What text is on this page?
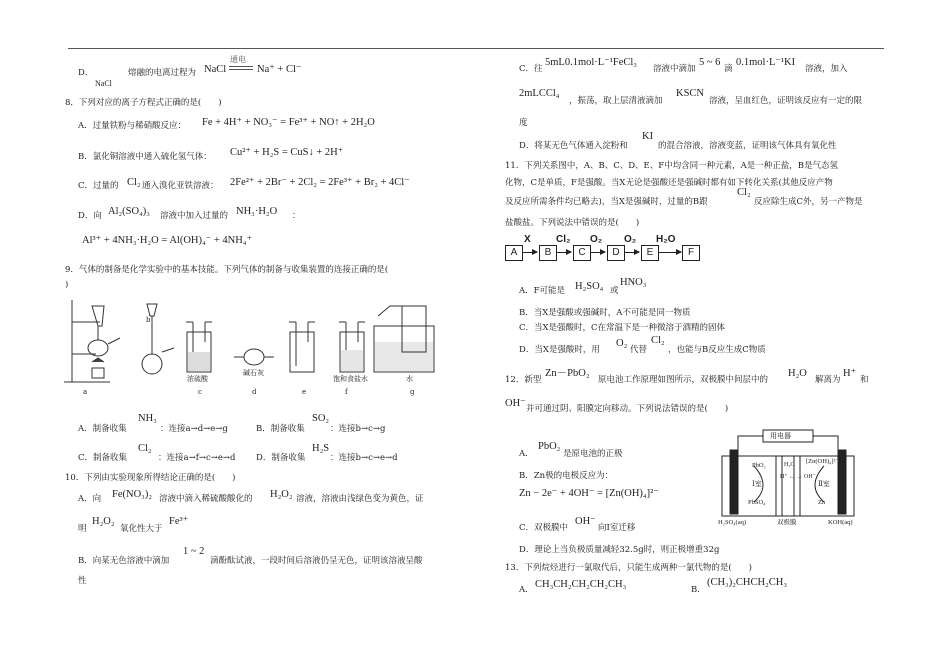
D．
NaCl
熔融的电离过程为 NaCl
通电
Na⁺ + Cl⁻
8．下列对应的离子方程式正确的是(　　)
A．过量铁粉与稀硝酸反应： Fe + 4H⁺ + NO₃⁻ = Fe³⁺ + NO↑ + 2H₂O
B．氯化铜溶液中通入硫化氢气体： Cu²⁺ + H₂S = CuS↓ + 2H⁺
C．过量的 Cl₂ 通入溴化亚铁溶液： 2Fe²⁺ + 2Br⁻ + 2Cl₂ = 2Fe³⁺ + Br₂ + 4Cl⁻
D．向 Al₂(SO₄)₃ 溶液中加入过量的 NH₃·H₂O ：
Al³⁺ + 4NH₃·H₂O = Al(OH)₄⁻ + 4NH₄⁺
9．气体的制备是化学实验中的基本技能。下列气体的制备与收集装置的连接正确的是(
)
a
b
c
浓硫酸
d
碱石灰
e	f
饱和食盐水
g
水
A．制备收集
NH₃
：连接a→d→e→g	B．制备收集
SO₂
：连接b→c→g
C．制备收集
Cl₂
：连接a→f→c→e→d D．制备收集
H₂S
：连接b→c→e→d
10．下列由实验现象所得结论正确的是(　　)
A．向 Fe(NO₃)₂ 溶液中滴入稀硫酸酸化的 H₂O₂ 溶液，溶液由浅绿色变为黄色，证
明
H₂O₂
氧化性大于
Fe³⁺
B．向某无色溶液中滴加
1 ~ 2
滴酚酞试液，一段时间后溶液仍呈无色，证明该溶液呈酸
性
C．往
5mL0.1mol·L⁻¹FeCl₃
溶液中滴加
5 ~ 6
滴
0.1mol·L⁻¹KI
溶液，加入
2mLCCl₄
，振荡，取上层清液滴加
KSCN
溶液，呈血红色，证明该反应有一定的限
度
D．将某无色气体通入淀粉和
KI
的混合溶液，溶液变蓝，证明该气体具有氧化性
11．下列关系图中，A、B、C、D、E、F中均含同一种元素，A是一种正盐，B是气态氢
化物，C是单质，F是强酸。当X无论是强酸还是强碱时都有如下转化关系(其他反应产物
及反应所需条件均已略去)，当X是强碱时，过量的B跟
Cl₂
反应除生成C外，另一产物是
盐酸盐。下列说法中错误的是(　　)
A
X
B
Cl₂
C
O₂
D
O₂
E
H₂O
F
A．F可能是 H₂SO₄ 或
HNO₃
B．当X是强酸或强碱时，A不可能是同一物质
C．当X是强酸时，C在常温下是一种微溶于酒精的固体
D．当X是强酸时，用
O₂
代替
Cl₂
，也能与B反应生成C物质
12．新型
Zn－PbO₂
原电池工作原理如图所示，双极膜中间层中的
H₂O
解离为
H⁺
和
OH⁻ 并可通过阴、阳膜定向移动。下列说法错误的是(　　)
A．
PbO₂
是原电池的正极
B．Zn极的电极反应为：
Zn − 2e⁻ + 4OH⁻ = [Zn(OH)₄]²⁻
C．双极膜中
OH⁻
向Ⅰ室迁移
D．理论上当负极质量减轻32.5g时，则正极增重32g
用电器
PbO₂
PbSO₄
Ⅰ室	Ⅱ室
[Zn(OH)₄]²⁻
Zn
H⁺ ← → OH⁻
H₂O
双极膜
H₂SO₄(aq)	KOH(aq)
13．下列烷烃进行一氯取代后，只能生成两种一氯代物的是(　　)
A． CH₃CH₂CH₂CH₂CH₃	B．
(CH₃)₂CHCH₂CH₃
